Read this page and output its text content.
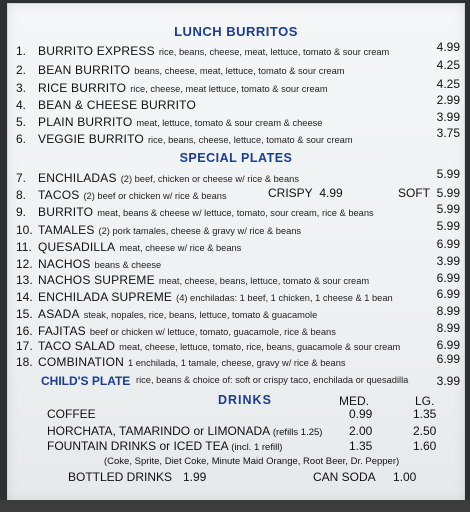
LUNCH BURRITOS
1. BURRITO EXPRESS rice, beans, cheese, meat, lettuce, tomato & sour cream	4.99
2. BEAN BURRITO beans, cheese, meat, lettuce, tomato & sour cream	4.25
3. RICE BURRITO rice, cheese, meat lettuce, tomato & sour cream	4.25
4. BEAN & CHEESE BURRITO	2.99
5. PLAIN BURRITO meat, lettuce, tomato & sour cream & cheese	3.99
6. VEGGIE BURRITO rice, beans, cheese, lettuce, tomato & sour cream	3.75
SPECIAL PLATES
7. ENCHILADAS (2) beef, chicken or cheese w/ rice & beans	5.99
8. TACOS (2) beef or chicken w/ rice & beans	CRISPY 4.99	SOFT 5.99
9. BURRITO meat, beans & cheese w/ lettuce, tomato, sour cream, rice & beans	5.99
10. TAMALES (2) pork tamales, cheese & gravy w/ rice & beans	5.99
11. QUESADILLA meat, cheese w/ rice & beans	6.99
12. NACHOS beans & cheese	3.99
13. NACHOS SUPREME meat, cheese, beans, lettuce, tomato & sour cream	6.99
14. ENCHILADA SUPREME (4) enchiladas: 1 beef, 1 chicken, 1 cheese & 1 bean	6.99
15. ASADA steak, nopales, rice, beans, lettuce, tomato & guacamole	8.99
16. FAJITAS beef or chicken w/ lettuce, tomato, guacamole, rice & beans	8.99
17. TACO SALAD meat, cheese, lettuce, tomato, rice, beans, guacamole & sour cream	6.99
18. COMBINATION 1 enchilada, 1 tamale, cheese, gravy w/ rice & beans	6.99
CHILD'S PLATE rice, beans & choice of: soft or crispy taco, enchilada or quesadilla 3.99
DRINKS	MED.	LG.
COFFEE	0.99	1.35
HORCHATA, TAMARINDO or LIMONADA (refills 1.25) 2.00	2.50
FOUNTAIN DRINKS or ICED TEA (incl. 1 refill)	1.35	1.60
(Coke, Sprite, Diet Coke, Minute Maid Orange, Root Beer, Dr. Pepper)
BOTTLED DRINKS 1.99	CAN SODA 1.00
